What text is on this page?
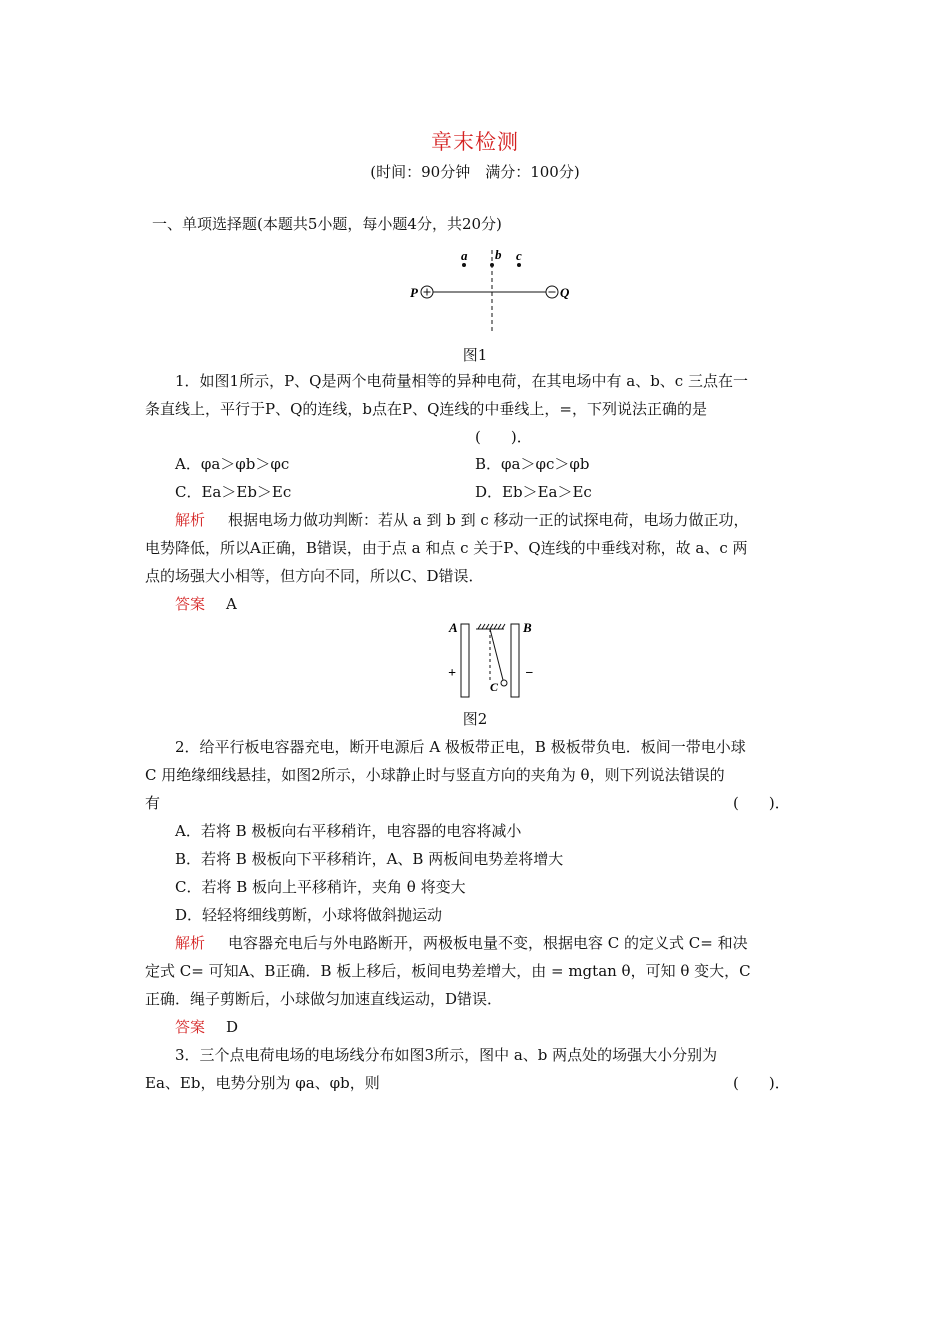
章末检测
(时间：90分钟　满分：100分)
一、单项选择题(本题共5小题，每小题4分，共20分)
a b c
P	Q
图1
1．如图1所示，P、Q是两个电荷量相等的异种电荷，在其电场中有 a、b、c 三点在一
条直线上，平行于P、Q的连线，b点在P、Q连线的中垂线上，=，下列说法正确的是
(　　)．
A．φa＞φb＞φc	B．φa＞φc＞φb
C．Ea＞Eb＞Ec	D．Eb＞Ea＞Ec
解析 根据电场力做功判断：若从 a 到 b 到 c 移动一正的试探电荷，电场力做正功，
电势降低，所以A正确，B错误，由于点 a 和点 c 关于P、Q连线的中垂线对称，故 a、c 两
点的场强大小相等，但方向不同，所以C、D错误．
答案 A
A	B
C
+	−
图2
2．给平行板电容器充电，断开电源后 A 极板带正电，B 极板带负电．板间一带电小球
C 用绝缘细线悬挂，如图2所示，小球静止时与竖直方向的夹角为 θ，则下列说法错误的
有	(　　)．
A．若将 B 极板向右平移稍许，电容器的电容将减小
B．若将 B 极板向下平移稍许，A、B 两板间电势差将增大
C．若将 B 板向上平移稍许，夹角 θ 将变大
D．轻轻将细线剪断，小球将做斜抛运动
解析 电容器充电后与外电路断开，两极板电量不变，根据电容 C 的定义式 C= 和决
定式 C= 可知A、B正确．B 板上移后，板间电势差增大，由 = mgtan θ，可知 θ 变大，C
正确．绳子剪断后，小球做匀加速直线运动，D错误．
答案 D
3．三个点电荷电场的电场线分布如图3所示，图中 a、b 两点处的场强大小分别为
Ea、Eb，电势分别为 φa、φb，则	(　　)．
